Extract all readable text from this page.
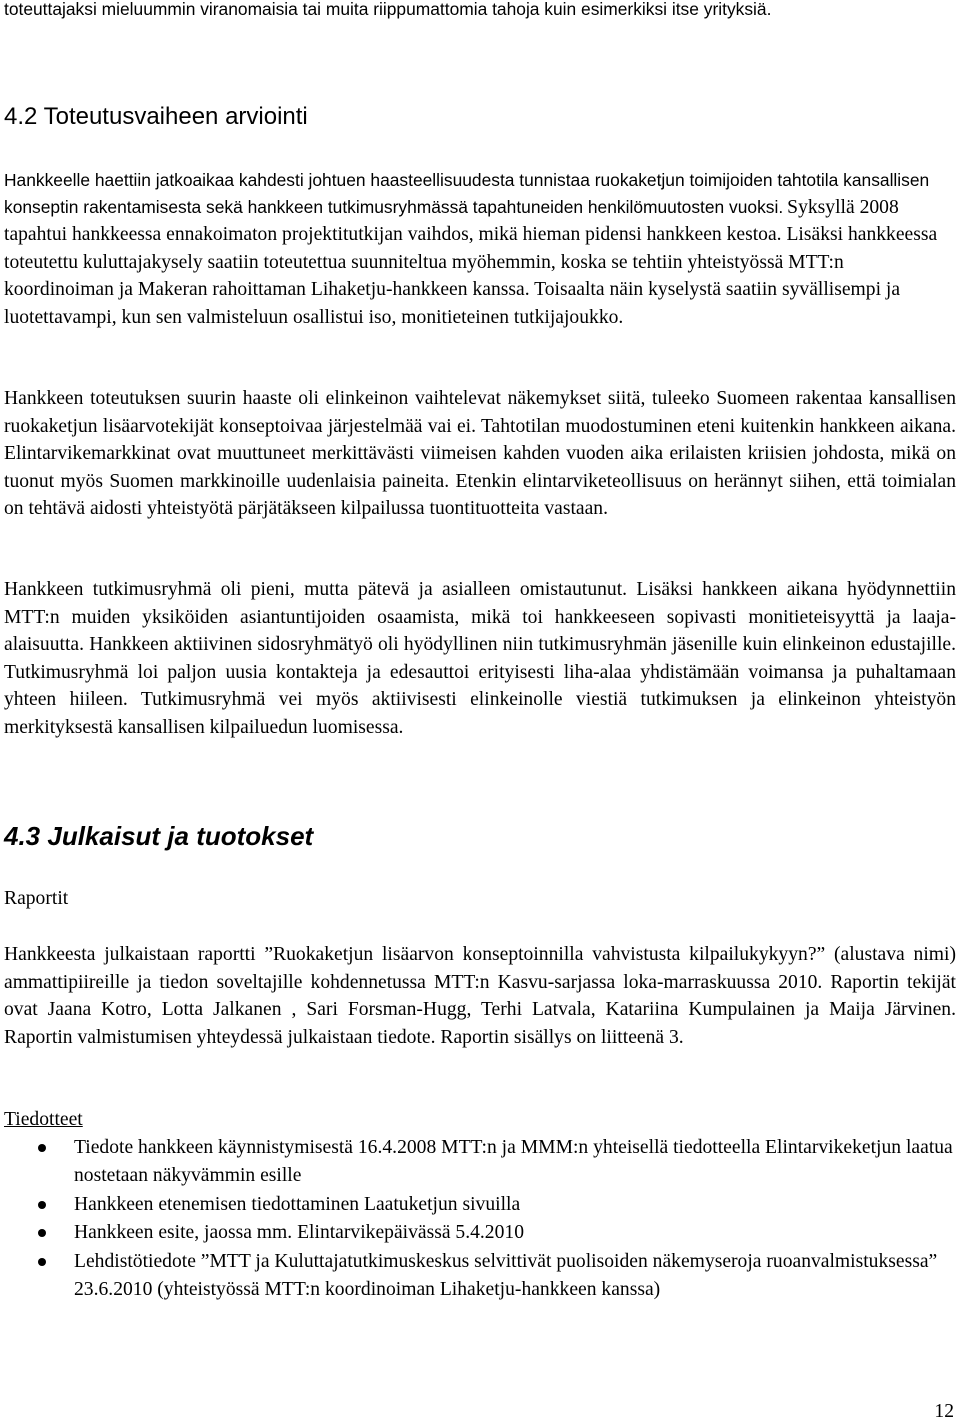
toteuttajaksi mieluummin viranomaisia tai muita riippumattomia tahoja kuin esimerkiksi itse yrityksiä.

4.2 Toteutusvaiheen arviointi
Hankkeelle haettiin jatkoaikaa kahdesti johtuen haasteellisuudesta tunnistaa ruokaketjun toimijoiden tahtotila kansallisen konseptin rakentamisesta sekä hankkeen tutkimusryhmässä tapahtuneiden henkilömuutosten vuoksi. Syksyllä 2008 tapahtui hankkeessa ennakoimaton projektitutkijan vaihdos, mikä hieman pidensi hankkeen kestoa. Lisäksi hankkeessa toteutettu kuluttajakysely saatiin toteutettua suunniteltua myöhemmin, koska se tehtiin yhteistyössä MTT:n koordinoiman ja Makeran rahoittaman Lihaketju-hankkeen kanssa. Toisaalta näin kyselystä saatiin syvällisempi ja luotettavampi, kun sen valmisteluun osallistui iso, monitieteinen tutkijajoukko.

Hankkeen toteutuksen suurin haaste oli elinkeinon vaihtelevat näkemykset siitä, tuleeko Suomeen rakentaa kansallisen ruokaketjun lisäarvotekijät konseptoivaa järjestelmää vai ei. Tahtotilan muodostuminen eteni kuitenkin hankkeen aikana. Elintarvikemarkkinat ovat muuttuneet merkittävästi viimeisen kahden vuoden aika erilaisten kriisien johdosta, mikä on tuonut myös Suomen markkinoille uudenlaisia paineita. Etenkin elintarviketeollisuus on herännyt siihen, että toimialan on tehtävä aidosti yhteistyötä pärjätäkseen kilpailussa tuontituotteita vastaan.

Hankkeen tutkimusryhmä oli pieni, mutta pätevä ja asialleen omistautunut. Lisäksi hankkeen aikana hyödynnettiin MTT:n muiden yksiköiden asiantuntijoiden osaamista, mikä toi hankkeeseen sopivasti monitieteisyyttä ja laaja-alaisuutta. Hankkeen aktiivinen sidosryhmätyö oli hyödyllinen niin tutkimusryhmän jäsenille kuin elinkeinon edustajille. Tutkimusryhmä loi paljon uusia kontakteja ja edesauttoi erityisesti liha-alaa yhdistämään voimansa ja puhaltamaan yhteen hiileen. Tutkimusryhmä vei myös aktiivisesti elinkeinolle viestiä tutkimuksen ja elinkeinon yhteistyön merkityksestä kansallisen kilpailuedun luomisessa.

4.3 Julkaisut ja tuotokset

Raportit

Hankkeesta julkaistaan raportti ”Ruokaketjun lisäarvon konseptoinnilla vahvistusta kilpailukykyyn?” (alustava nimi) ammattipiireille ja tiedon soveltajille kohdennetussa MTT:n Kasvu-sarjassa loka-marraskuussa 2010. Raportin tekijät ovat Jaana Kotro, Lotta Jalkanen , Sari Forsman-Hugg, Terhi Latvala, Katariina Kumpulainen ja Maija Järvinen. Raportin valmistumisen yhteydessä julkaistaan tiedote. Raportin sisällys on liitteenä 3.

Tiedotteet

Tiedote hankkeen käynnistymisestä 16.4.2008 MTT:n ja MMM:n yhteisellä tiedotteella Elintarvikeketjun laatua nostetaan näkyvämmin esille
Hankkeen etenemisen tiedottaminen Laatuketjun sivuilla
Hankkeen esite, jaossa mm. Elintarvikepäivässä 5.4.2010
Lehdistötiedote ”MTT ja Kuluttajatutkimuskeskus selvittivät puolisoiden näkemyseroja ruoanvalmistuksessa” 23.6.2010 (yhteistyössä MTT:n koordinoiman Lihaketju-hankkeen kanssa)

12
